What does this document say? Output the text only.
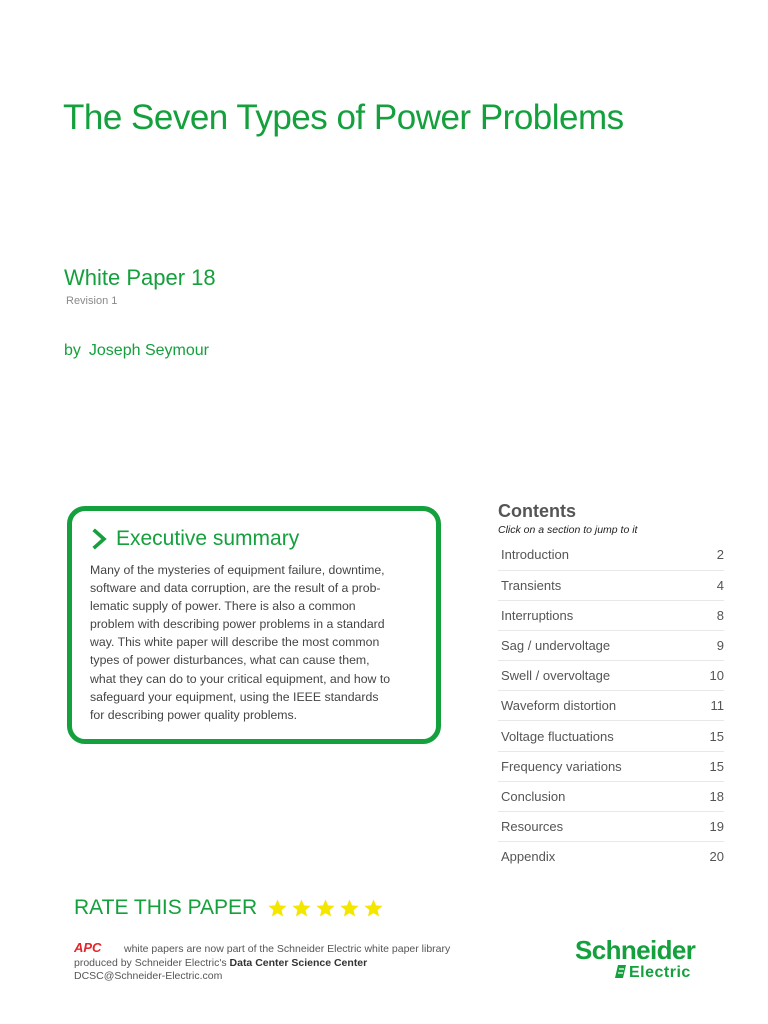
The Seven Types of Power Problems
White Paper 18
Revision 1
by Joseph Seymour
Executive summary
Many of the mysteries of equipment failure, downtime,
software and data corruption, are the result of a prob-
lematic supply of power. There is also a common
problem with describing power problems in a standard
way. This white paper will describe the most common
types of power disturbances, what can cause them,
what they can do to your critical equipment, and how to
safeguard your equipment, using the IEEE standards
for describing power quality problems.
Contents
Click on a section to jump to it
Introduction	2
Transients	4
Interruptions	8
Sag / undervoltage	9
Swell / overvoltage	10
Waveform distortion	11
Voltage fluctuations	15
Frequency variations	15
Conclusion	18
Resources	19
Appendix	20
RATE THIS PAPER
APC white papers are now part of the Schneider Electric white paper library
produced by Schneider Electric's Data Center Science Center
DCSC@Schneider-Electric.com
Schneider
Electric
